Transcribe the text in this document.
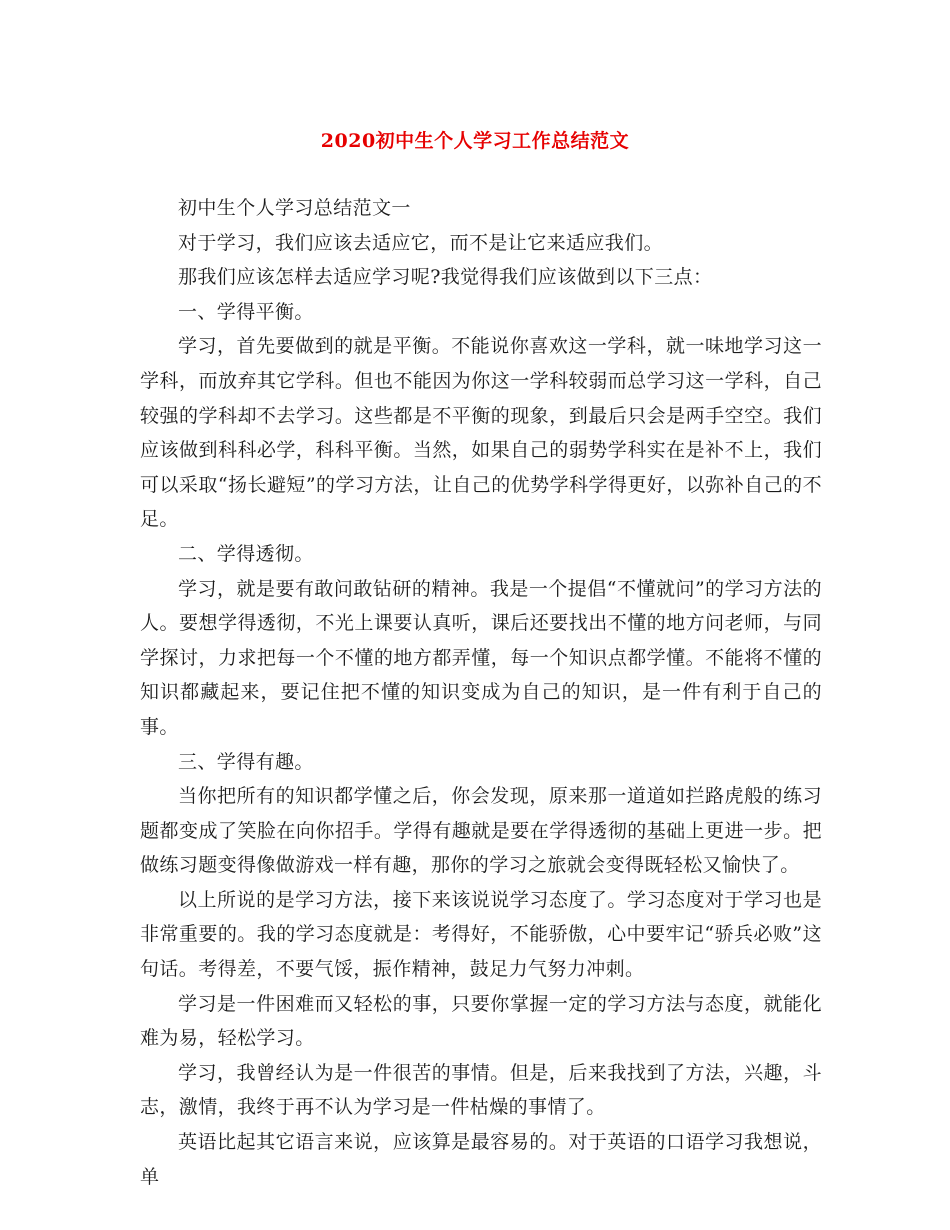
2020初中生个人学习工作总结范文

初中生个人学习总结范文一

对于学习，我们应该去适应它，而不是让它来适应我们。

那我们应该怎样去适应学习呢?我觉得我们应该做到以下三点：

一、学得平衡。

学习，首先要做到的就是平衡。不能说你喜欢这一学科，就一味地学习这一学科，而放弃其它学科。但也不能因为你这一学科较弱而总学习这一学科，自己较强的学科却不去学习。这些都是不平衡的现象，到最后只会是两手空空。我们应该做到科科必学，科科平衡。当然，如果自己的弱势学科实在是补不上，我们可以采取“扬长避短”的学习方法，让自己的优势学科学得更好，以弥补自己的不足。

二、学得透彻。

学习，就是要有敢问敢钻研的精神。我是一个提倡“不懂就问”的学习方法的人。要想学得透彻，不光上课要认真听，课后还要找出不懂的地方问老师，与同学探讨，力求把每一个不懂的地方都弄懂，每一个知识点都学懂。不能将不懂的知识都藏起来，要记住把不懂的知识变成为自己的知识，是一件有利于自己的事。

三、学得有趣。

当你把所有的知识都学懂之后，你会发现，原来那一道道如拦路虎般的练习题都变成了笑脸在向你招手。学得有趣就是要在学得透彻的基础上更进一步。把做练习题变得像做游戏一样有趣，那你的学习之旅就会变得既轻松又愉快了。

以上所说的是学习方法，接下来该说说学习态度了。学习态度对于学习也是非常重要的。我的学习态度就是：考得好，不能骄傲，心中要牢记“骄兵必败”这句话。考得差，不要气馁，振作精神，鼓足力气努力冲刺。

学习是一件困难而又轻松的事，只要你掌握一定的学习方法与态度，就能化难为易，轻松学习。

学习，我曾经认为是一件很苦的事情。但是，后来我找到了方法，兴趣，斗志，激情，我终于再不认为学习是一件枯燥的事情了。

英语比起其它语言来说，应该算是最容易的。对于英语的口语学习我想说，单
